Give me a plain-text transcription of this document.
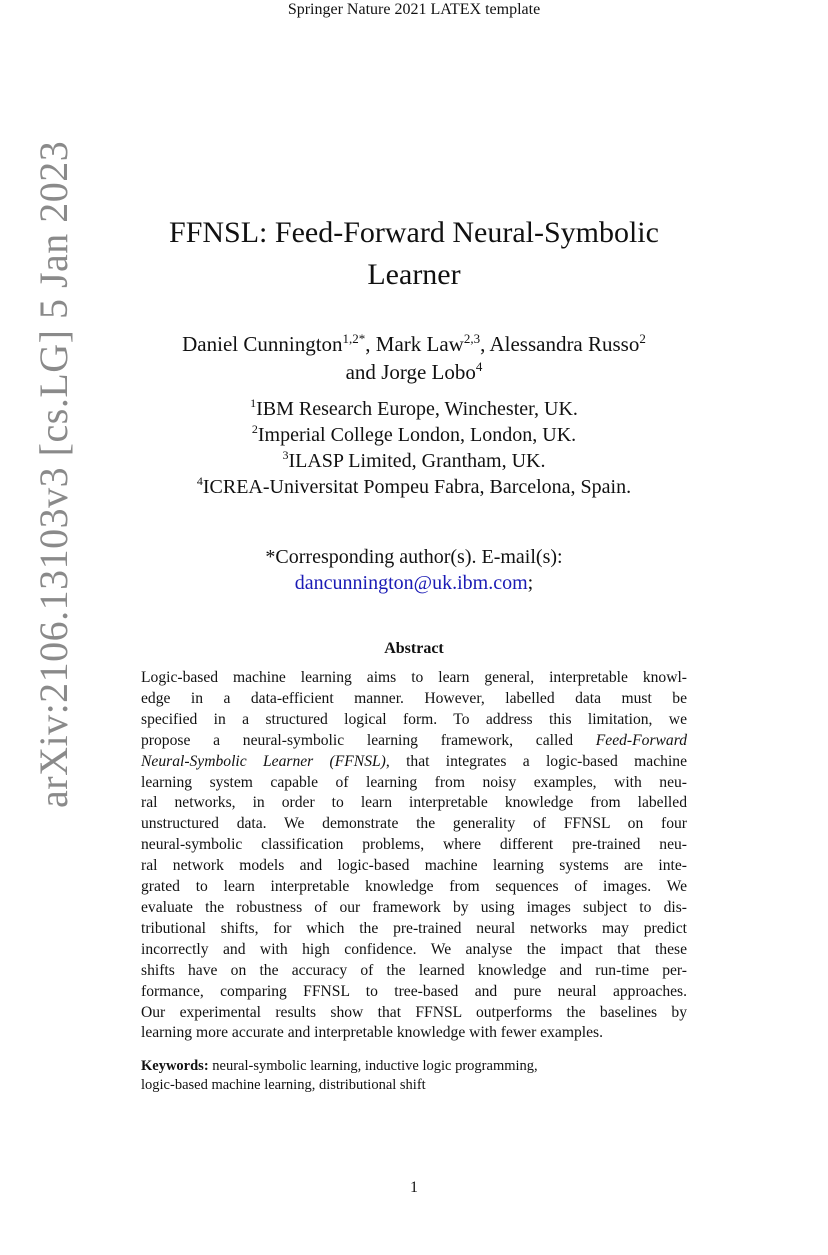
Springer Nature 2021 LATEX template
arXiv:2106.13103v3 [cs.LG] 5 Jan 2023	FFNSL: Feed-Forward Neural-Symbolic
Learner
Daniel Cunnington$^{1,2*}$, Mark Law$^{2,3}$, Alessandra Russo$^2$
and Jorge Lobo$^4$
$^1$IBM Research Europe, Winchester, UK.
$^2$Imperial College London, London, UK.
$^3$ILASP Limited, Grantham, UK.
$^4$ICREA-Universitat Pompeu Fabra, Barcelona, Spain.
*Corresponding author(s). E-mail(s):
dancunnington@uk.ibm.com;
Abstract
Logic-based machine learning aims to learn general, interpretable knowl-
edge in a data-efficient manner. However, labelled data must be
specified in a structured logical form. To address this limitation, we
propose a neural-symbolic learning framework, called Feed-Forward
Neural-Symbolic Learner (FFNSL), that integrates a logic-based machine
learning system capable of learning from noisy examples, with neu-
ral networks, in order to learn interpretable knowledge from labelled
unstructured data. We demonstrate the generality of FFNSL on four
neural-symbolic classification problems, where different pre-trained neu-
ral network models and logic-based machine learning systems are inte-
grated to learn interpretable knowledge from sequences of images. We
evaluate the robustness of our framework by using images subject to dis-
tributional shifts, for which the pre-trained neural networks may predict
incorrectly and with high confidence. We analyse the impact that these
shifts have on the accuracy of the learned knowledge and run-time per-
formance, comparing FFNSL to tree-based and pure neural approaches.
Our experimental results show that FFNSL outperforms the baselines by
learning more accurate and interpretable knowledge with fewer examples.
Keywords: neural-symbolic learning, inductive logic programming,
logic-based machine learning, distributional shift
1
